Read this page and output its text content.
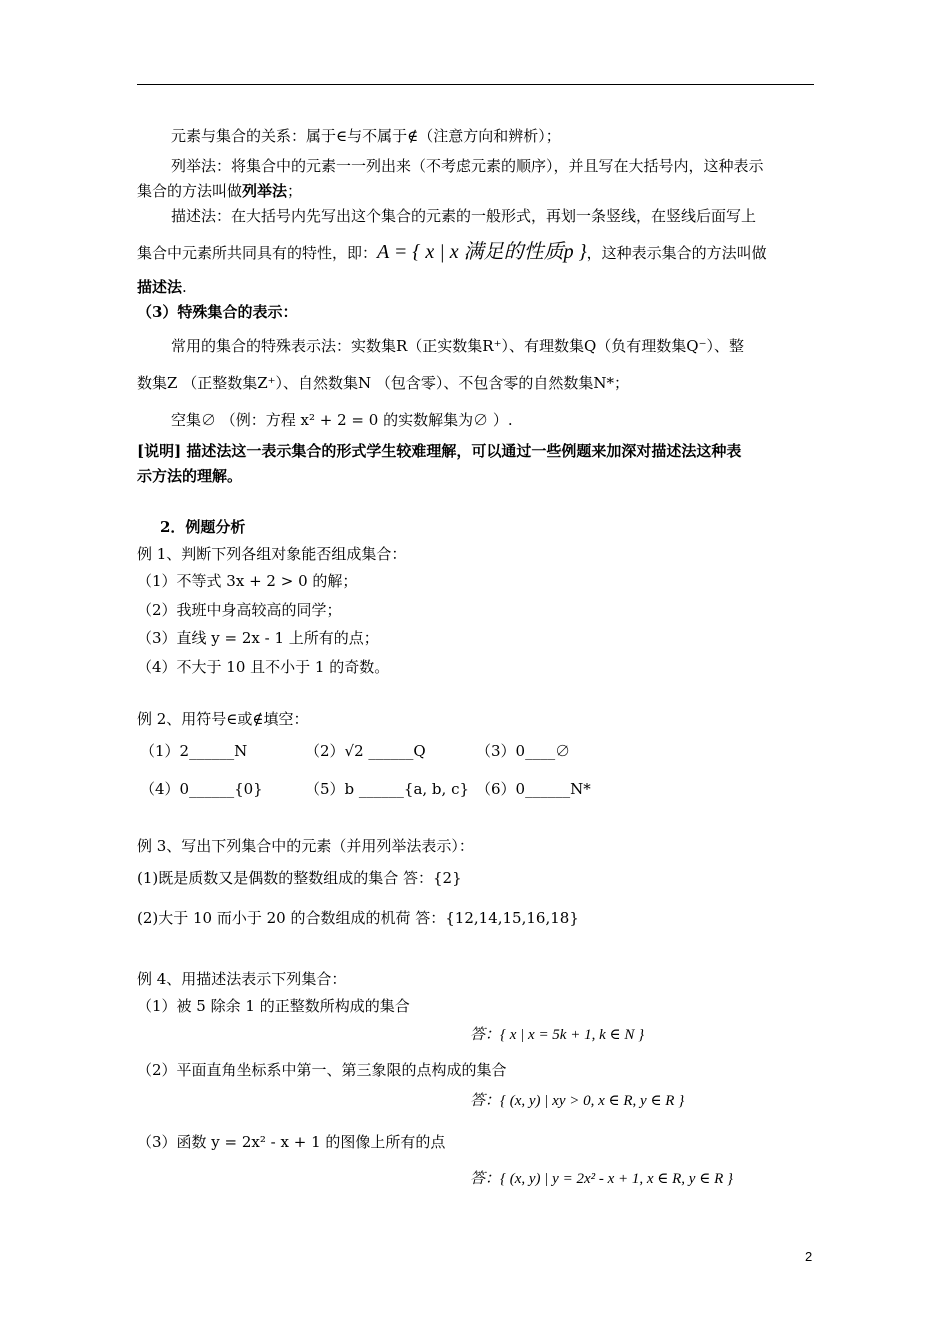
元素与集合的关系：属于∈与不属于∉（注意方向和辨析）；
列举法：将集合中的元素一一列出来（不考虑元素的顺序），并且写在大括号内，这种表示
集合的方法叫做列举法；
描述法：在大括号内先写出这个集合的元素的一般形式，再划一条竖线，在竖线后面写上
集合中元素所共同具有的特性，即：A = { x | x 满足的性质p }，这种表示集合的方法叫做
描述法.
（3）特殊集合的表示：
常用的集合的特殊表示法：实数集R（正实数集R⁺）、有理数集Q（负有理数集Q⁻）、整
数集Z （正整数集Z⁺）、自然数集N （包含零）、不包含零的自然数集N*；
空集∅ （例：方程 x² + 2 = 0 的实数解集为∅ ）.
[说明] 描述法这一表示集合的形式学生较难理解，可以通过一些例题来加深对描述法这种表
示方法的理解。
2．例题分析
例 1、判断下列各组对象能否组成集合：
（1）不等式 3x + 2 > 0 的解；
（2）我班中身高较高的同学；
（3）直线 y = 2x - 1 上所有的点；
（4）不大于 10 且不小于 1 的奇数。
例 2、用符号∈或∉填空：
（1）2______N	（2）√2 ______Q	（3）0____∅
（4）0______{0}	（5）b ______{a, b, c} （6）0______N*
例 3、写出下列集合中的元素（并用列举法表示）：
(1)既是质数又是偶数的整数组成的集合 答：{2}
(2)大于 10 而小于 20 的合数组成的机荷 答：{12,14,15,16,18}
例 4、用描述法表示下列集合：
（1）被 5 除余 1 的正整数所构成的集合
答：{ x | x = 5k + 1, k ∈ N }
（2）平面直角坐标系中第一、第三象限的点构成的集合
答：{ (x, y) | xy > 0, x ∈ R, y ∈ R }
（3）函数 y = 2x² - x + 1 的图像上所有的点
答：{ (x, y) | y = 2x² - x + 1, x ∈ R, y ∈ R }
2
